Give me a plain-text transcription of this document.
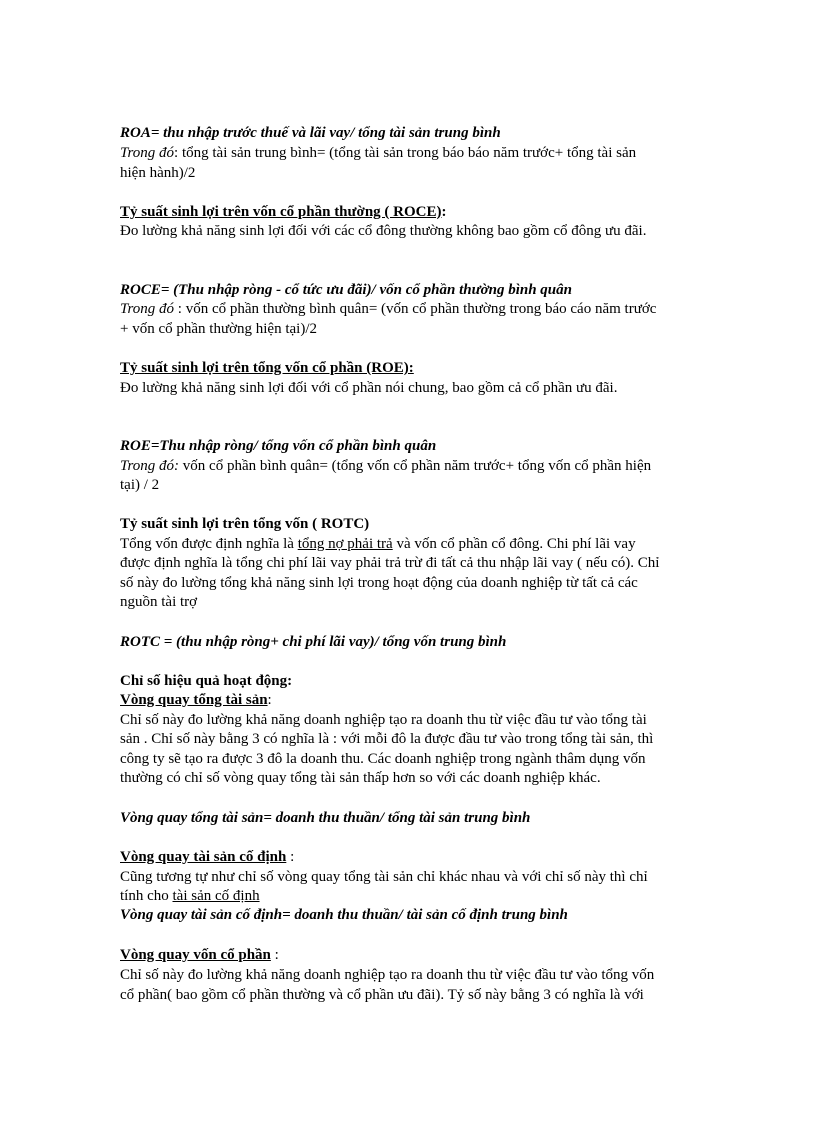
ROA= thu nhập trước thuế và lãi vay/ tổng tài sản trung bình

Trong đó: tổng tài sản trung bình= (tổng tài sản trong báo báo năm trước+ tổng tài sản

hiện hành)/2

Tỷ suất sinh lợi trên vốn cổ phần thường ( ROCE):

Đo lường khả năng sinh lợi đối với các cổ đông thường không bao gồm cổ đông ưu đãi.

ROCE= (Thu nhập ròng - cổ tức ưu đãi)/ vốn cổ phần thường bình quân

Trong đó : vốn cổ phần thường bình quân= (vốn cổ phần thường trong báo cáo năm trước

+ vốn cổ phần thường hiện tại)/2

Tỷ suất sinh lợi trên tổng vốn cổ phần (ROE):

Đo lường khả năng sinh lợi đối với cổ phần nói chung, bao gồm cả cổ phần ưu đãi.

ROE=Thu nhập ròng/ tổng vốn cổ phần bình quân

Trong đó: vốn cổ phần bình quân= (tổng vốn cổ phần năm trước+ tổng vốn cổ phần hiện

tại) / 2

Tỷ suất sinh lợi trên tổng vốn ( ROTC)

Tổng vốn được định nghĩa là tổng nợ phải trả và vốn cổ phần cổ đông. Chi phí lãi vay

được định nghĩa là tổng chi phí lãi vay phải trả trừ đi tất cả thu nhập lãi vay ( nếu có). Chỉ

số này đo lường tổng khả năng sinh lợi trong hoạt động của doanh nghiệp từ tất cả các

nguồn tài trợ

ROTC = (thu nhập ròng+ chi phí lãi vay)/ tổng vốn trung bình

Chỉ số hiệu quả hoạt động:

Vòng quay tổng tài sản:

Chỉ số này đo lường khả năng doanh nghiệp tạo ra doanh thu từ việc đầu tư vào tổng tài

sản . Chỉ số này bằng 3 có nghĩa là : với mỗi đô la được đầu tư vào trong tổng tài sản, thì

công ty sẽ tạo ra được 3 đô la doanh thu. Các doanh nghiệp trong ngành thâm dụng vốn

thường có chỉ số vòng quay tổng tài sản thấp hơn so với các doanh nghiệp khác.

Vòng quay tổng tài sản= doanh thu thuần/ tổng tài sản trung bình

Vòng quay tài sản cố định :

Cũng tương tự như chỉ số vòng quay tổng tài sản chỉ khác nhau và với chỉ số này thì chỉ

tính cho tài sản cố định

Vòng quay tài sản cố định= doanh thu thuần/ tài sản cố định trung bình

Vòng quay vốn cổ phần :

Chỉ số này đo lường khả năng doanh nghiệp tạo ra doanh thu từ việc đầu tư vào tổng vốn

cổ phần( bao gồm cổ phần thường và cổ phần ưu đãi). Tỷ số này bằng 3 có nghĩa là với
